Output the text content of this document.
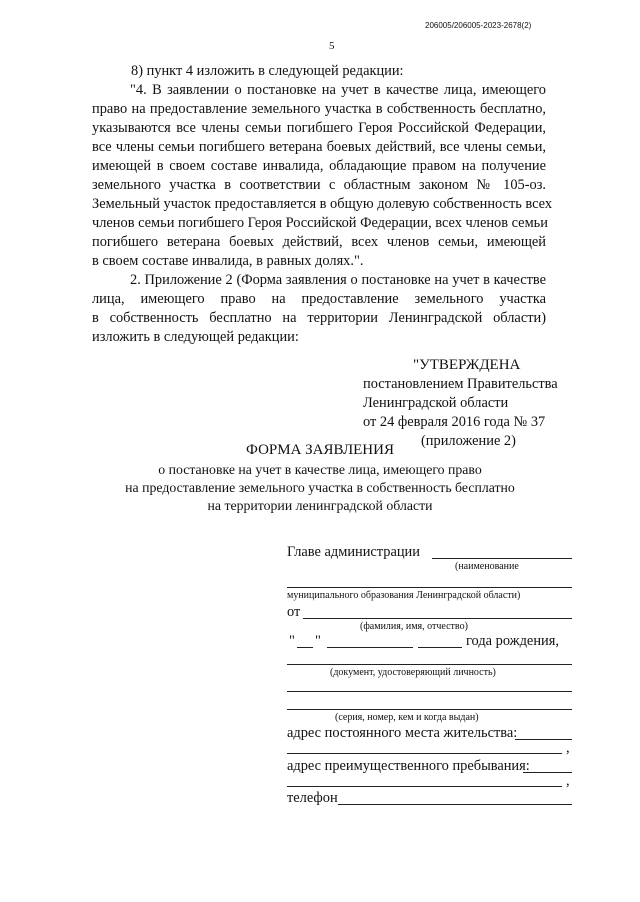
206005/206005-2023-2678(2)
5
8) пункт 4 изложить в следующей редакции:
"4. В заявлении о постановке на учет в качестве лица, имеющего
право на предоставление земельного участка в собственность бесплатно,
указываются все члены семьи погибшего Героя Российской Федерации,
все члены семьи погибшего ветерана боевых действий, все члены семьи,
имеющей в своем составе инвалида, обладающие правом на получение
земельного участка в соответствии с областным законом № 105-оз.
Земельный участок предоставляется в общую долевую собственность всех
членов семьи погибшего Героя Российской Федерации, всех членов семьи
погибшего ветерана боевых действий, всех членов семьи, имеющей
в своем составе инвалида, в равных долях.".
2. Приложение 2 (Форма заявления о постановке на учет в качестве
лица, имеющего право на предоставление земельного участка
в собственность бесплатно на территории Ленинградской области)
изложить в следующей редакции:
"УТВЕРЖДЕНА
постановлением Правительства
Ленинградской области
от 24 февраля 2016 года № 37
(приложение 2)
ФОРМА ЗАЯВЛЕНИЯ
о постановке на учет в качестве лица, имеющего право
на предоставление земельного участка в собственность бесплатно
на территории ленинградской области
Главе администрации
(наименование
муниципального образования Ленинградской области)
от
(фамилия, имя, отчество)
" "	года рождения,
(документ, удостоверяющий личность)
(серия, номер, кем и когда выдан)
адрес постоянного места жительства:
,
адрес преимущественного пребывания:
,
телефон
